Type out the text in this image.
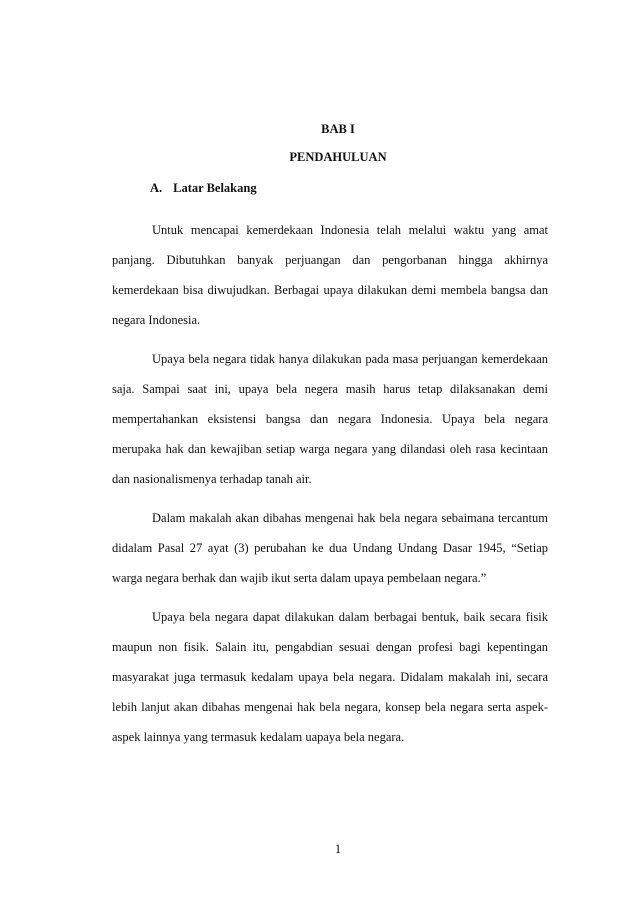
BAB I
PENDAHULUAN
A. Latar Belakang

Untuk mencapai kemerdekaan Indonesia telah melalui waktu yang amat panjang. Dibutuhkan banyak perjuangan dan pengorbanan hingga akhirnya kemerdekaan bisa diwujudkan. Berbagai upaya dilakukan demi membela bangsa dan negara Indonesia.

Upaya bela negara tidak hanya dilakukan pada masa perjuangan kemerdekaan saja. Sampai saat ini, upaya bela negera masih harus tetap dilaksanakan demi mempertahankan eksistensi bangsa dan negara Indonesia. Upaya bela negara merupaka hak dan kewajiban setiap warga negara yang dilandasi oleh rasa kecintaan dan nasionalismenya terhadap tanah air.

Dalam makalah akan dibahas mengenai hak bela negara sebaimana tercantum didalam Pasal 27 ayat (3) perubahan ke dua Undang Undang Dasar 1945, “Setiap warga negara berhak dan wajib ikut serta dalam upaya pembelaan negara.”

Upaya bela negara dapat dilakukan dalam berbagai bentuk, baik secara fisik maupun non fisik. Salain itu, pengabdian sesuai dengan profesi bagi kepentingan masyarakat juga termasuk kedalam upaya bela negara. Didalam makalah ini, secara lebih lanjut akan dibahas mengenai hak bela negara, konsep bela negara serta aspek-aspek lainnya yang termasuk kedalam uapaya bela negara.

1
